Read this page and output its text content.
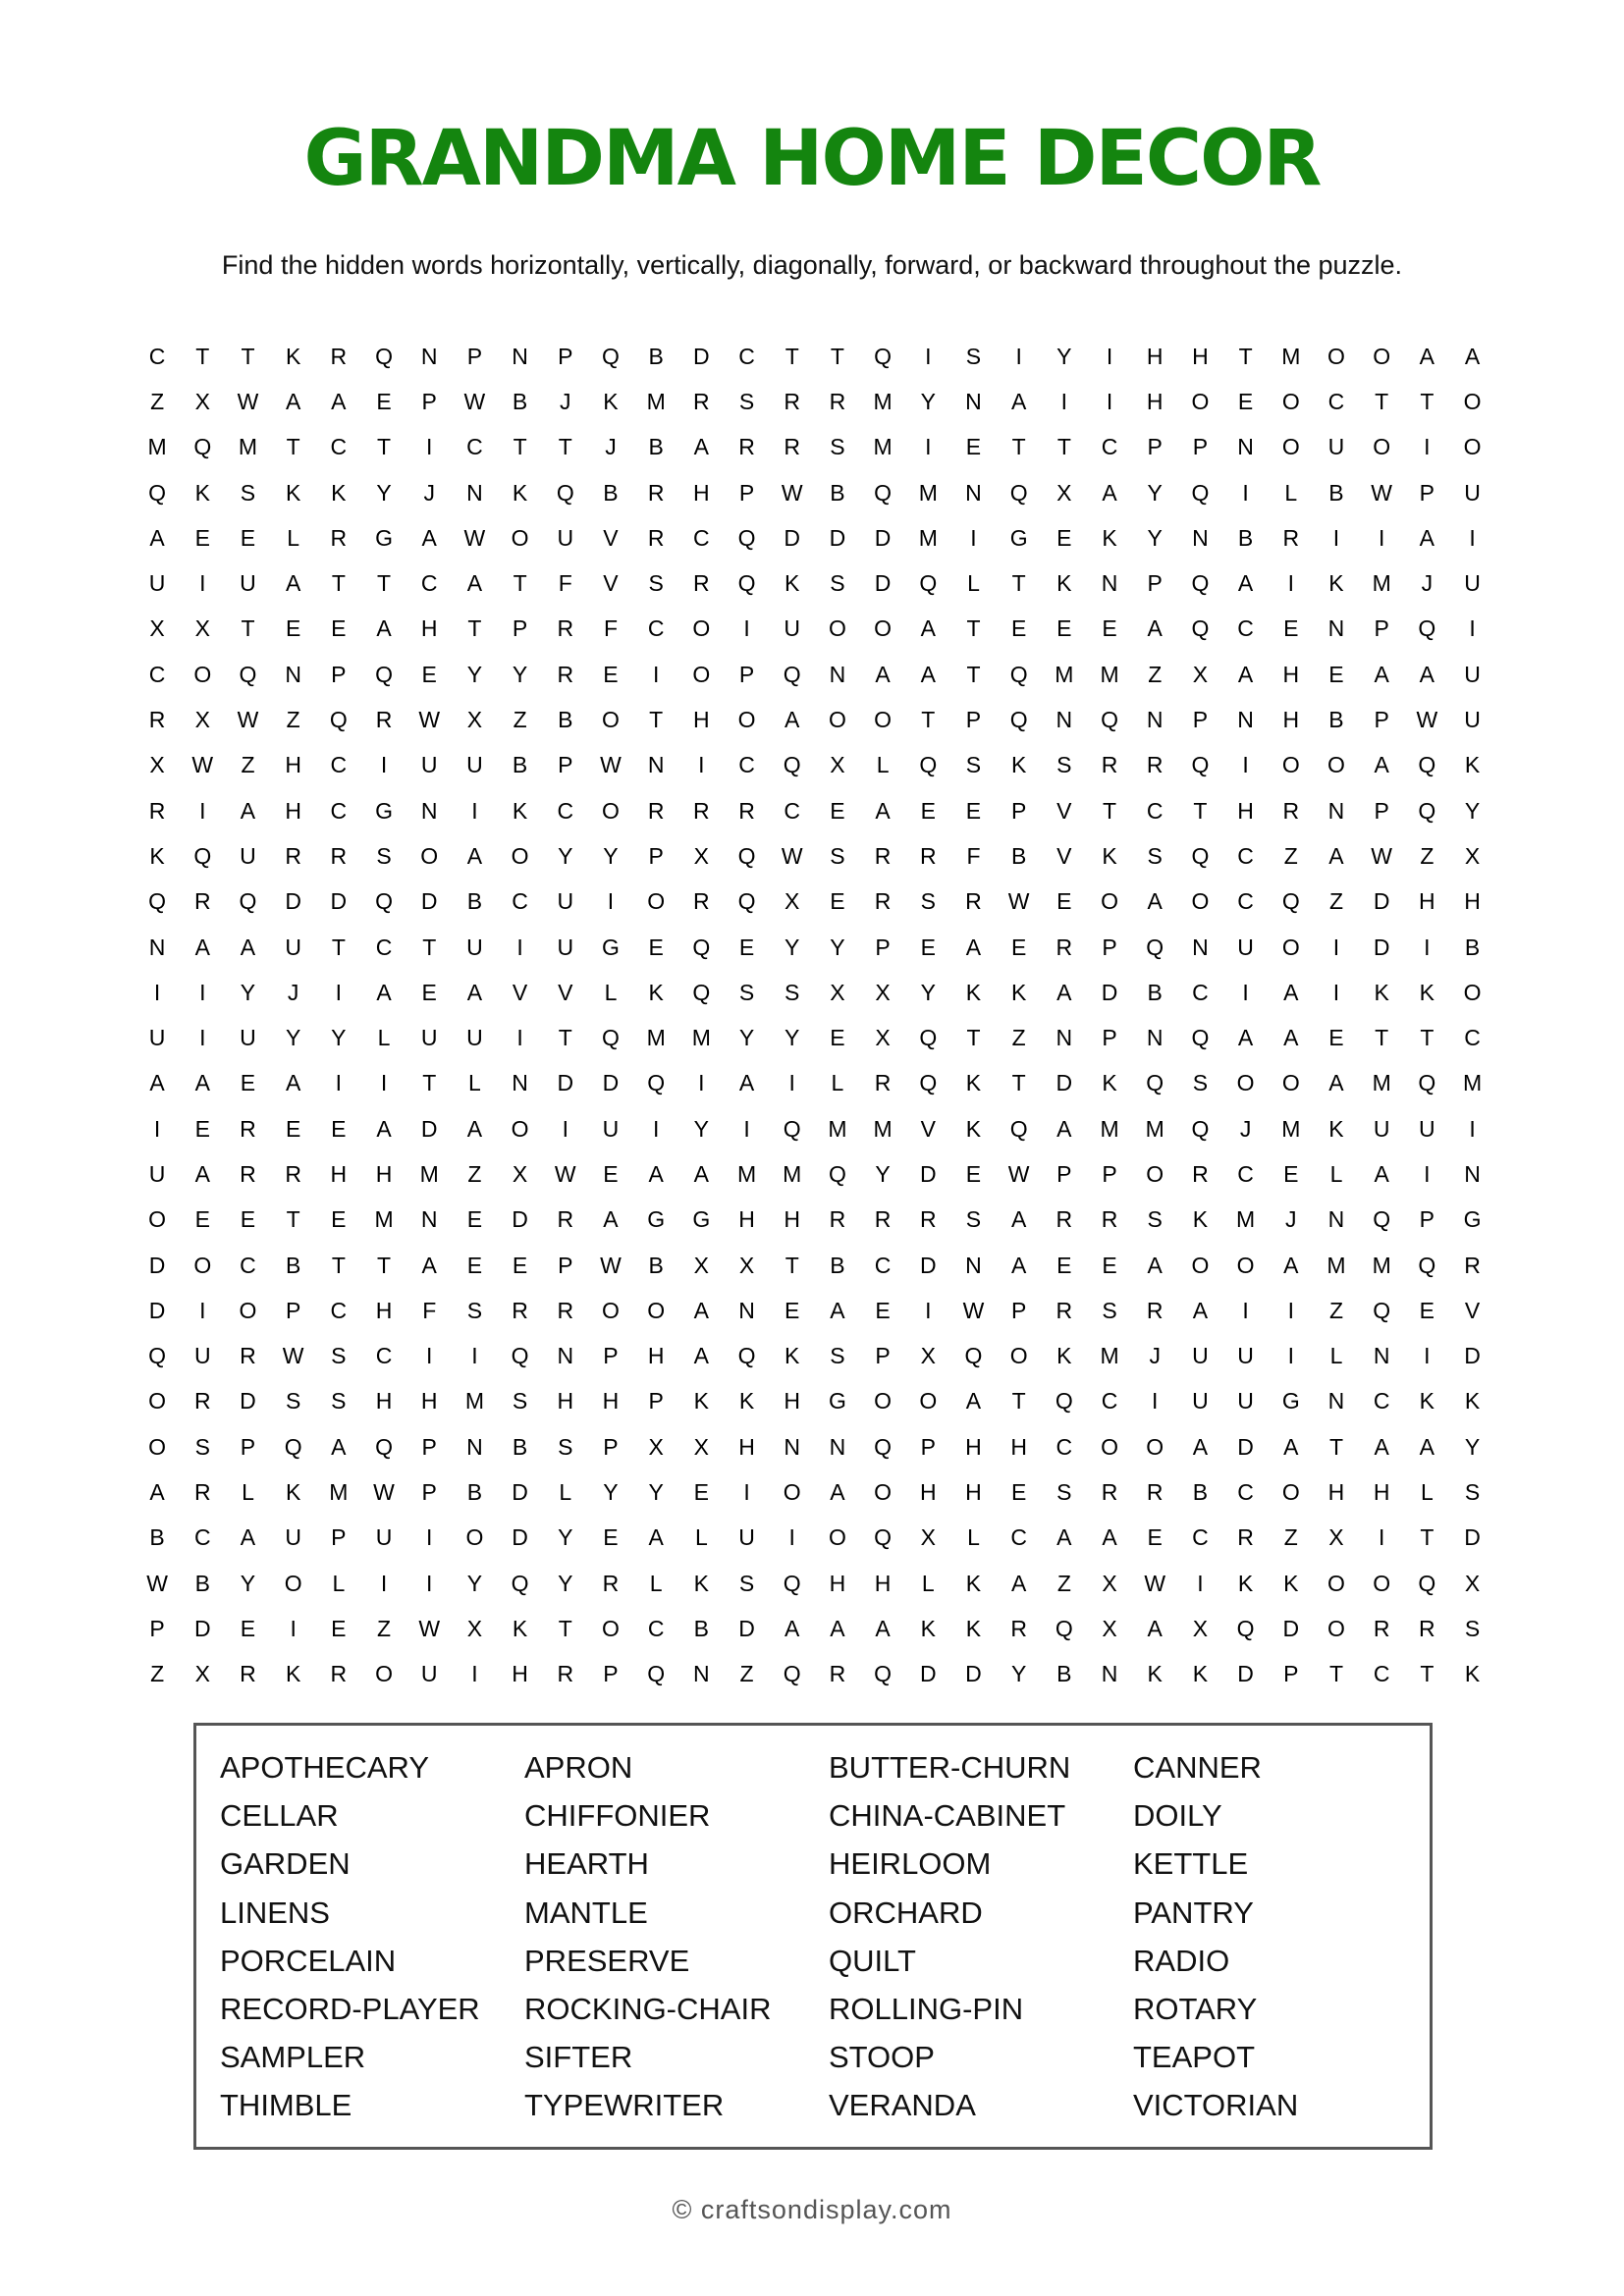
GRANDMA HOME DECOR
Find the hidden words horizontally, vertically, diagonally, forward, or backward throughout the puzzle.
C	T	T	K	R	Q	N	P	N	P	Q	B	D	C	T	T	Q	I	S	I	Y	I	H	H	T	M	O	O	A	A
Z	X	W	A	A	E	P	W	B	J	K	M	R	S	R	R	M	Y	N	A	I	I	H	O	E	O	C	T	T	O
M	Q	M	T	C	T	I	C	T	T	J	B	A	R	R	S	M	I	E	T	T	C	P	P	N	O	U	O	I	O
Q	K	S	K	K	Y	J	N	K	Q	B	R	H	P	W	B	Q	M	N	Q	X	A	Y	Q	I	L	B	W	P	U
A	E	E	L	R	G	A	W	O	U	V	R	C	Q	D	D	D	M	I	G	E	K	Y	N	B	R	I	I	A	I
U	I	U	A	T	T	C	A	T	F	V	S	R	Q	K	S	D	Q	L	T	K	N	P	Q	A	I	K	M	J	U
X	X	T	E	E	A	H	T	P	R	F	C	O	I	U	O	O	A	T	E	E	E	A	Q	C	E	N	P	Q	I
C	O	Q	N	P	Q	E	Y	Y	R	E	I	O	P	Q	N	A	A	T	Q	M	M	Z	X	A	H	E	A	A	U
R	X	W	Z	Q	R	W	X	Z	B	O	T	H	O	A	O	O	T	P	Q	N	Q	N	P	N	H	B	P	W	U
X	W	Z	H	C	I	U	U	B	P	W	N	I	C	Q	X	L	Q	S	K	S	R	R	Q	I	O	O	A	Q	K
R	I	A	H	C	G	N	I	K	C	O	R	R	R	C	E	A	E	E	P	V	T	C	T	H	R	N	P	Q	Y
K	Q	U	R	R	S	O	A	O	Y	Y	P	X	Q	W	S	R	R	F	B	V	K	S	Q	C	Z	A	W	Z	X
Q	R	Q	D	D	Q	D	B	C	U	I	O	R	Q	X	E	R	S	R	W	E	O	A	O	C	Q	Z	D	H	H
N	A	A	U	T	C	T	U	I	U	G	E	Q	E	Y	Y	P	E	A	E	R	P	Q	N	U	O	I	D	I	B
I	I	Y	J	I	A	E	A	V	V	L	K	Q	S	S	X	X	Y	K	K	A	D	B	C	I	A	I	K	K	O
U	I	U	Y	Y	L	U	U	I	T	Q	M	M	Y	Y	E	X	Q	T	Z	N	P	N	Q	A	A	E	T	T	C
A	A	E	A	I	I	T	L	N	D	D	Q	I	A	I	L	R	Q	K	T	D	K	Q	S	O	O	A	M	Q	M
I	E	R	E	E	A	D	A	O	I	U	I	Y	I	Q	M	M	V	K	Q	A	M	M	Q	J	M	K	U	U	I
U	A	R	R	H	H	M	Z	X	W	E	A	A	M	M	Q	Y	D	E	W	P	P	O	R	C	E	L	A	I	N
O	E	E	T	E	M	N	E	D	R	A	G	G	H	H	R	R	R	S	A	R	R	S	K	M	J	N	Q	P	G
D	O	C	B	T	T	A	E	E	P	W	B	X	X	T	B	C	D	N	A	E	E	A	O	O	A	M	M	Q	R
D	I	O	P	C	H	F	S	R	R	O	O	A	N	E	A	E	I	W	P	R	S	R	A	I	I	Z	Q	E	V
Q	U	R	W	S	C	I	I	Q	N	P	H	A	Q	K	S	P	X	Q	O	K	M	J	U	U	I	L	N	I	D
O	R	D	S	S	H	H	M	S	H	H	P	K	K	H	G	O	O	A	T	Q	C	I	U	U	G	N	C	K	K
O	S	P	Q	A	Q	P	N	B	S	P	X	X	H	N	N	Q	P	H	H	C	O	O	A	D	A	T	A	A	Y
A	R	L	K	M	W	P	B	D	L	Y	Y	E	I	O	A	O	H	H	E	S	R	R	B	C	O	H	H	L	S
B	C	A	U	P	U	I	O	D	Y	E	A	L	U	I	O	Q	X	L	C	A	A	E	C	R	Z	X	I	T	D
W	B	Y	O	L	I	I	Y	Q	Y	R	L	K	S	Q	H	H	L	K	A	Z	X	W	I	K	K	O	O	Q	X
P	D	E	I	E	Z	W	X	K	T	O	C	B	D	A	A	A	K	K	R	Q	X	A	X	Q	D	O	R	R	S
Z	X	R	K	R	O	U	I	H	R	P	Q	N	Z	Q	R	Q	D	D	Y	B	N	K	K	D	P	T	C	T	K
APOTHECARY	APRON	BUTTER-CHURN	CANNER
CELLAR	CHIFFONIER	CHINA-CABINET	DOILY
GARDEN	HEARTH	HEIRLOOM	KETTLE
LINENS	MANTLE	ORCHARD	PANTRY
PORCELAIN	PRESERVE	QUILT	RADIO
RECORD-PLAYER	ROCKING-CHAIR	ROLLING-PIN	ROTARY
SAMPLER	SIFTER	STOOP	TEAPOT
THIMBLE	TYPEWRITER	VERANDA	VICTORIAN
© craftsondisplay.com
